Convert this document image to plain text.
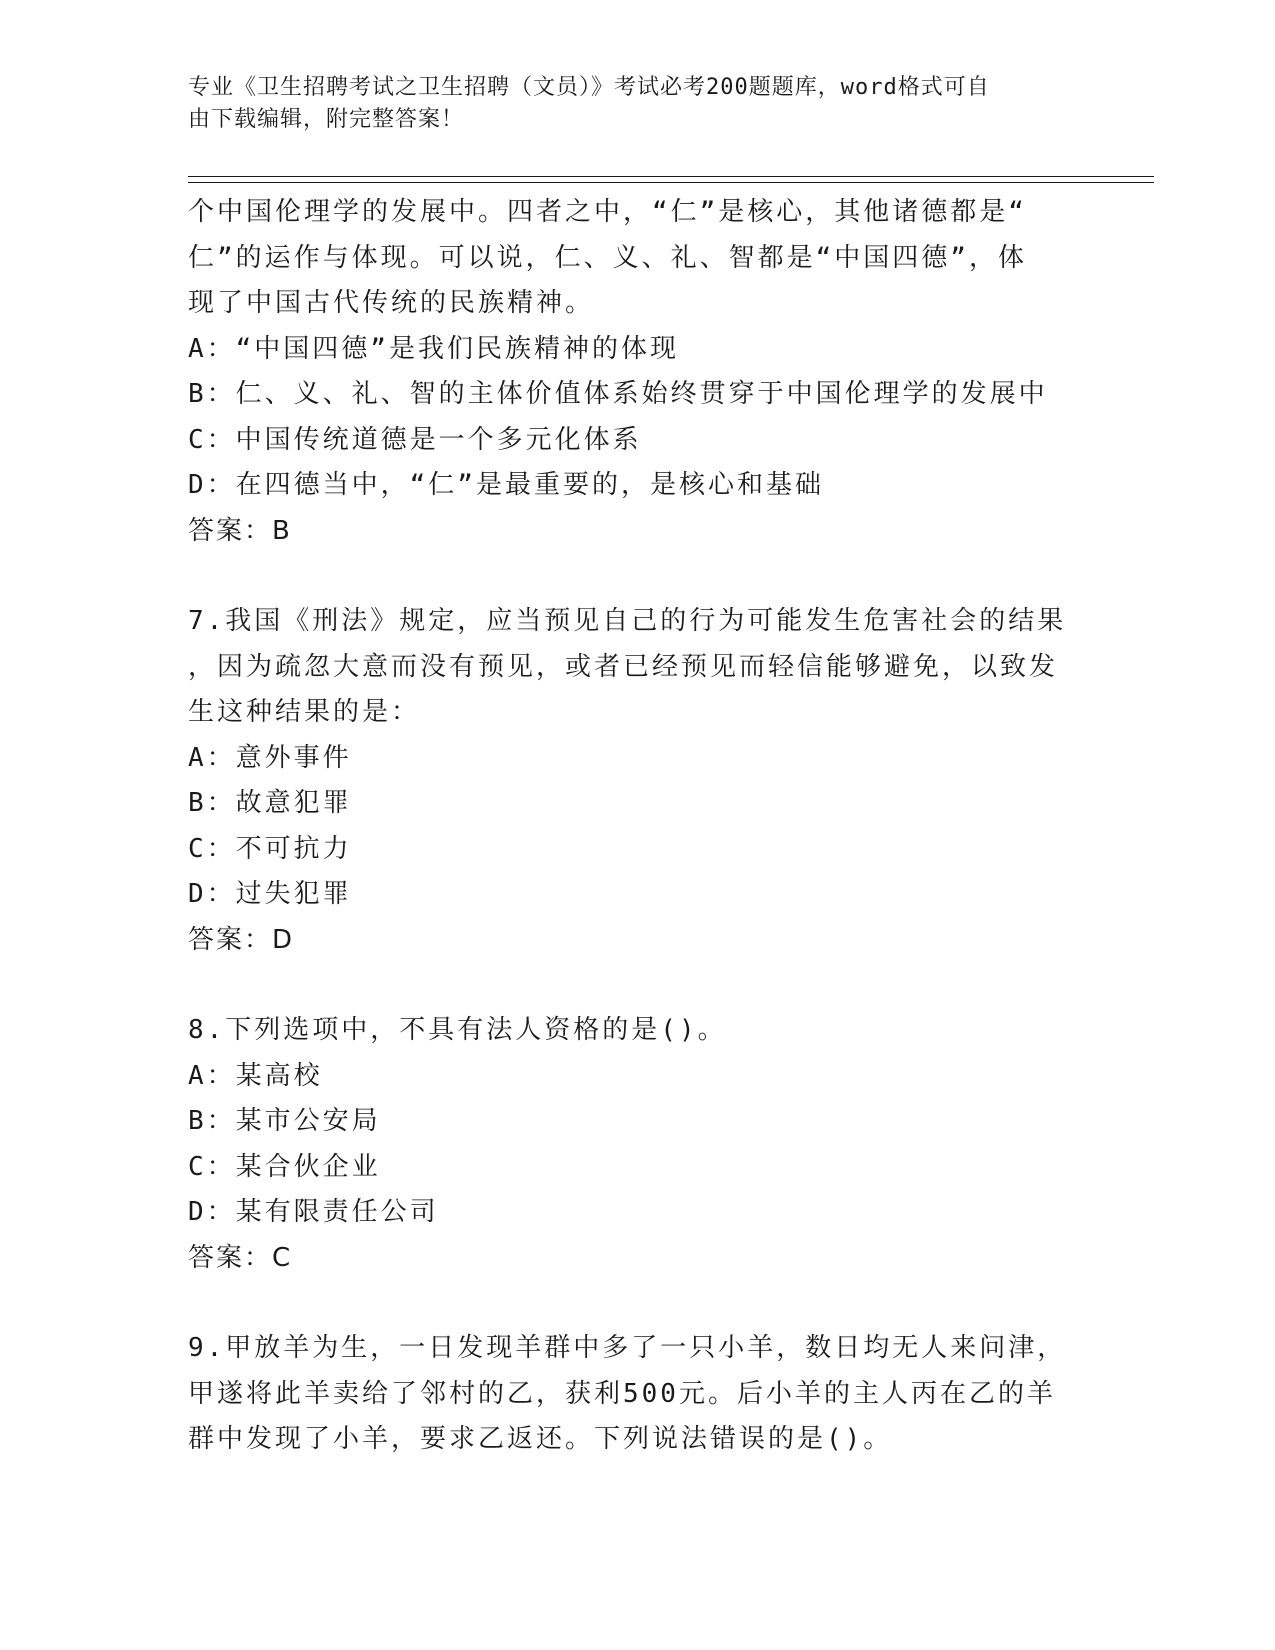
专业《卫生招聘考试之卫生招聘（文员）》考试必考200题题库，word格式可自
由下载编辑，附完整答案！
个中国伦理学的发展中。四者之中，“仁”是核心，其他诸德都是“
仁”的运作与体现。可以说，仁、义、礼、智都是“中国四德”，体
现了中国古代传统的民族精神。
A：“中国四德”是我们民族精神的体现
B：仁、义、礼、智的主体价值体系始终贯穿于中国伦理学的发展中
C：中国传统道德是一个多元化体系
D：在四德当中，“仁”是最重要的，是核心和基础
答案：B
7.我国《刑法》规定，应当预见自己的行为可能发生危害社会的结果
，因为疏忽大意而没有预见，或者已经预见而轻信能够避免，以致发
生这种结果的是：
A：意外事件
B：故意犯罪
C：不可抗力
D：过失犯罪
答案：D
8.下列选项中，不具有法人资格的是()。
A：某高校
B：某市公安局
C：某合伙企业
D：某有限责任公司
答案：C
9.甲放羊为生，一日发现羊群中多了一只小羊，数日均无人来问津，
甲遂将此羊卖给了邻村的乙，获利500元。后小羊的主人丙在乙的羊
群中发现了小羊，要求乙返还。下列说法错误的是()。
